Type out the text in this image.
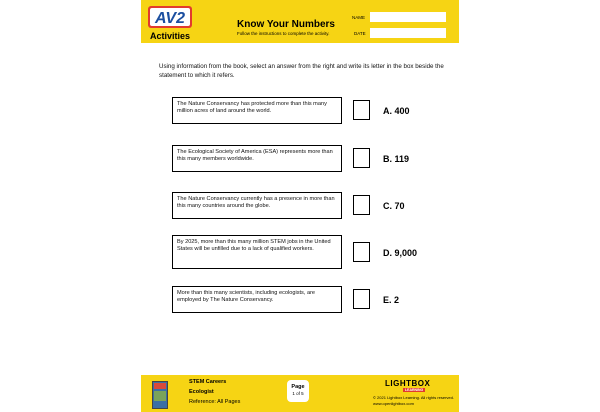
AV2
Activities
Know Your Numbers
Follow the instructions to complete the activity.
NAME
DATE
Using information from the book, select an answer from the right and write its letter in the box beside the statement to which it refers.
The Nature Conservancy has protected more than this many million acres of land around the world.	A. 400
The Ecological Society of America (ESA) represents more than this many members worldwide.	B. 119
The Nature Conservancy currently has a presence in more than this many countries around the globe.	C. 70
By 2025, more than this many million STEM jobs in the United States will be unfilled due to a lack of qualified workers.	D. 9,000
More than this many scientists, including ecologists, are employed by The Nature Conservancy.	E. 2
STEM Careers
Ecologist
Reference: All Pages
Page
1 of 5
LIGHTBOX
LEARNING
© 2021 Lightbox Learning. All rights reserved.
www.openlightbox.com
